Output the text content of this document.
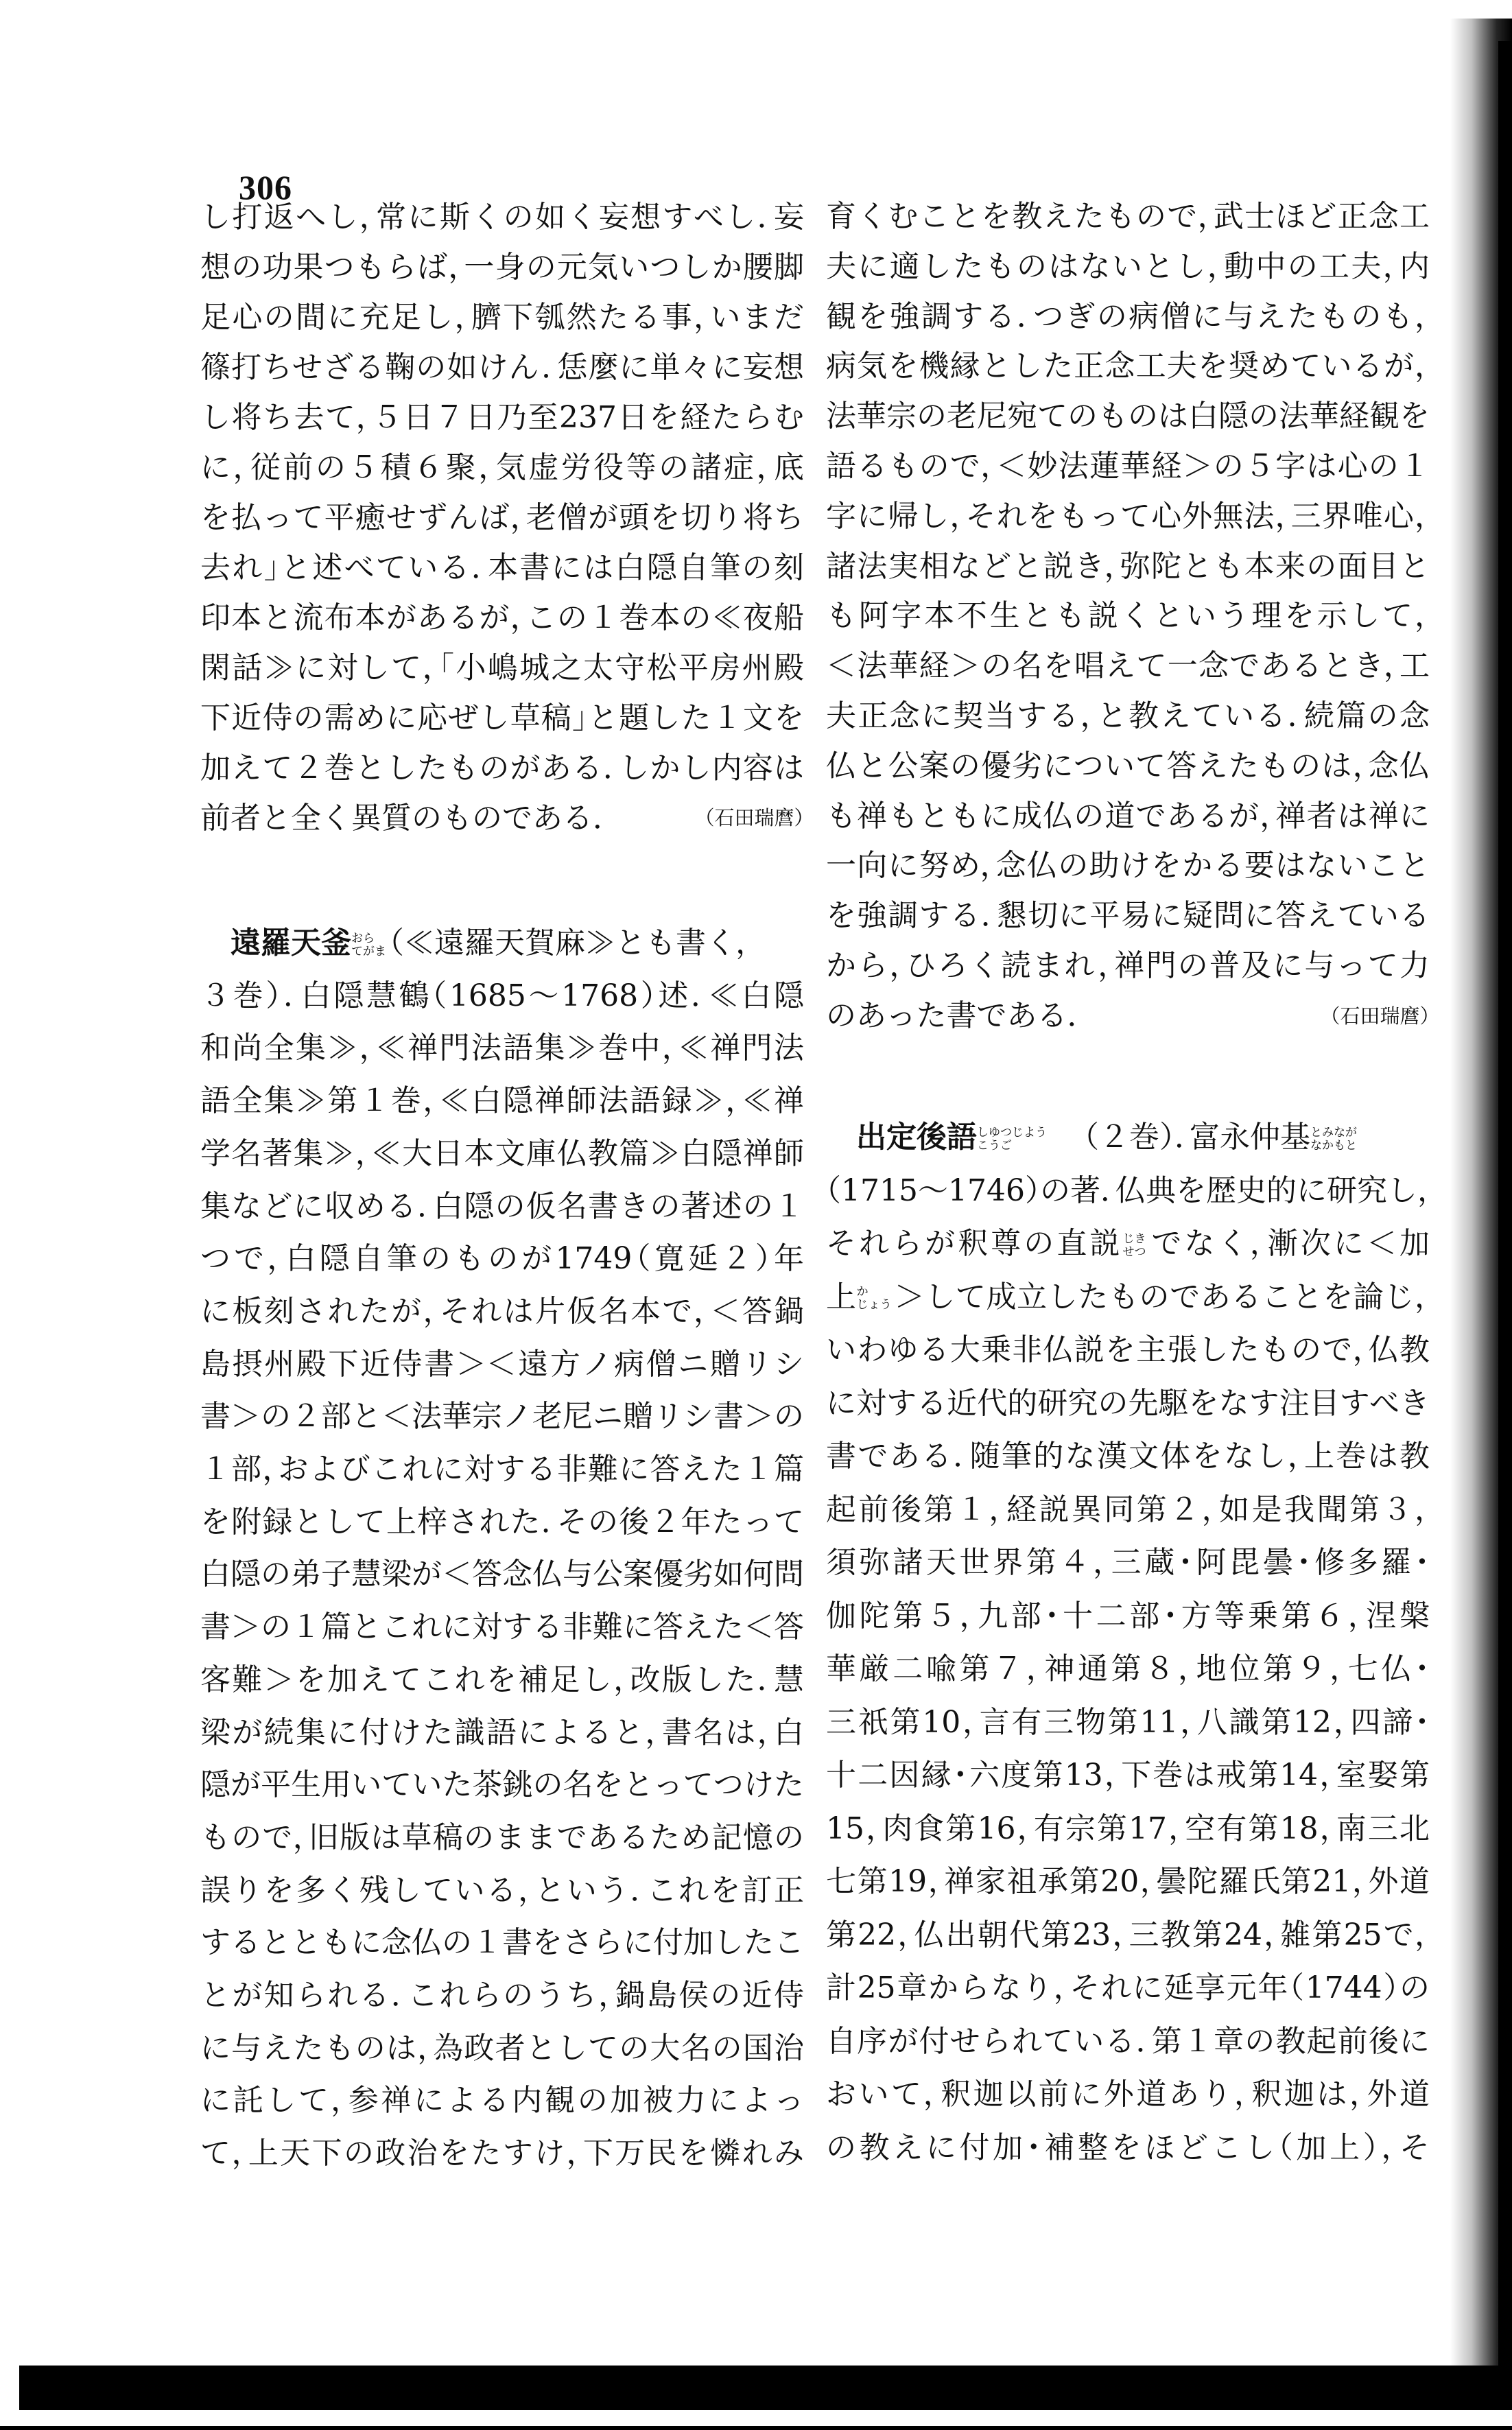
306
し打返へし，常に斯くの如く妄想すべし．妄
想の功果つもらば，一身の元気いつしか腰脚
足心の間に充足し，臍下瓠然たる事，いまだ
篠打ちせざる鞠の如けん．恁麼に単々に妄想
し将ち去て，５日７日乃至237日を経たらむ
に，従前の５積６聚，気虚労役等の諸症，底
を払って平癒せずんば，老僧が頭を切り将ち
去れ」と述べている．本書には白隠自筆の刻
印本と流布本があるが，この１巻本の≪夜船
閑話≫に対して，「小嶋城之太守松平房州殿
下近侍の需めに応ぜし草稿」と題した１文を
加えて２巻としたものがある．しかし内容は
前者と全く異質のものである．	（石田瑞麿）
遠羅天釜 おら
てがま （≪遠羅天賀麻≫とも書く，
３巻）．白隠慧鶴（1685～1768）述．≪白隠
和尚全集≫，≪禅門法語集≫巻中，≪禅門法
語全集≫第１巻，≪白隠禅師法語録≫，≪禅
学名著集≫，≪大日本文庫仏教篇≫白隠禅師
集などに収める．白隠の仮名書きの著述の１
つで，白隠自筆のものが1749（寛延２）年
に板刻されたが，それは片仮名本で，＜答鍋
島摂州殿下近侍書＞＜遠方ノ病僧ニ贈リシ
書＞の２部と＜法華宗ノ老尼ニ贈リシ書＞の
１部，およびこれに対する非難に答えた１篇
を附録として上梓された．その後２年たって
白隠の弟子慧梁が＜答念仏与公案優劣如何問
書＞の１篇とこれに対する非難に答えた＜答
客難＞を加えてこれを補足し，改版した．慧
梁が続集に付けた識語によると，書名は，白
隠が平生用いていた茶銚の名をとってつけた
もので，旧版は草稿のままであるため記憶の
誤りを多く残している，という．これを訂正
するとともに念仏の１書をさらに付加したこ
とが知られる．これらのうち，鍋島侯の近侍
に与えたものは，為政者としての大名の国治
に託して，参禅による内観の加被力によっ
て，上天下の政治をたすけ，下万民を憐れみ
育くむことを教えたもので，武士ほど正念工
夫に適したものはないとし，動中の工夫，内
観を強調する．つぎの病僧に与えたものも，
病気を機縁とした正念工夫を奨めているが，
法華宗の老尼宛てのものは白隠の法華経観を
語るもので，＜妙法蓮華経＞の５字は心の１
字に帰し，それをもって心外無法，三界唯心，
諸法実相などと説き，弥陀とも本来の面目と
も阿字本不生とも説くという理を示して，
＜法華経＞の名を唱えて一念であるとき，工
夫正念に契当する，と教えている．続篇の念
仏と公案の優劣について答えたものは，念仏
も禅もともに成仏の道であるが，禅者は禅に
一向に努め，念仏の助けをかる要はないこと
を強調する．懇切に平易に疑問に答えている
から，ひろく読まれ，禅門の普及に与って力
のあった書である．	（石田瑞麿）
出定後語 しゆつじよう
こうご	（２巻）．富永仲基 とみなが
なかもと
（1715～1746）の著．仏典を歴史的に研究し，
それらが釈尊の直説 じき
せつ でなく，漸次に＜加
上 か
じょう ＞して成立したものであることを論じ，
いわゆる大乗非仏説を主張したもので，仏教
に対する近代的研究の先駆をなす注目すべき
書である．随筆的な漢文体をなし，上巻は教
起前後第１，経説異同第２，如是我聞第３，
須弥諸天世界第４，三蔵・阿毘曇・修多羅・
伽陀第５，九部・十二部・方等乗第６，涅槃
華厳二喩第７，神通第８，地位第９，七仏・
三祇第10，言有三物第11，八識第12，四諦・
十二因縁・六度第13，下巻は戒第14，室娶第
15，肉食第16，有宗第17，空有第18，南三北
七第19，禅家祖承第20，曇陀羅氏第21，外道
第22，仏出朝代第23，三教第24，雑第25で，
計25章からなり，それに延享元年（1744）の
自序が付せられている．第１章の教起前後に
おいて，釈迦以前に外道あり，釈迦は，外道
の教えに付加・補整をほどこし（加上），そ
